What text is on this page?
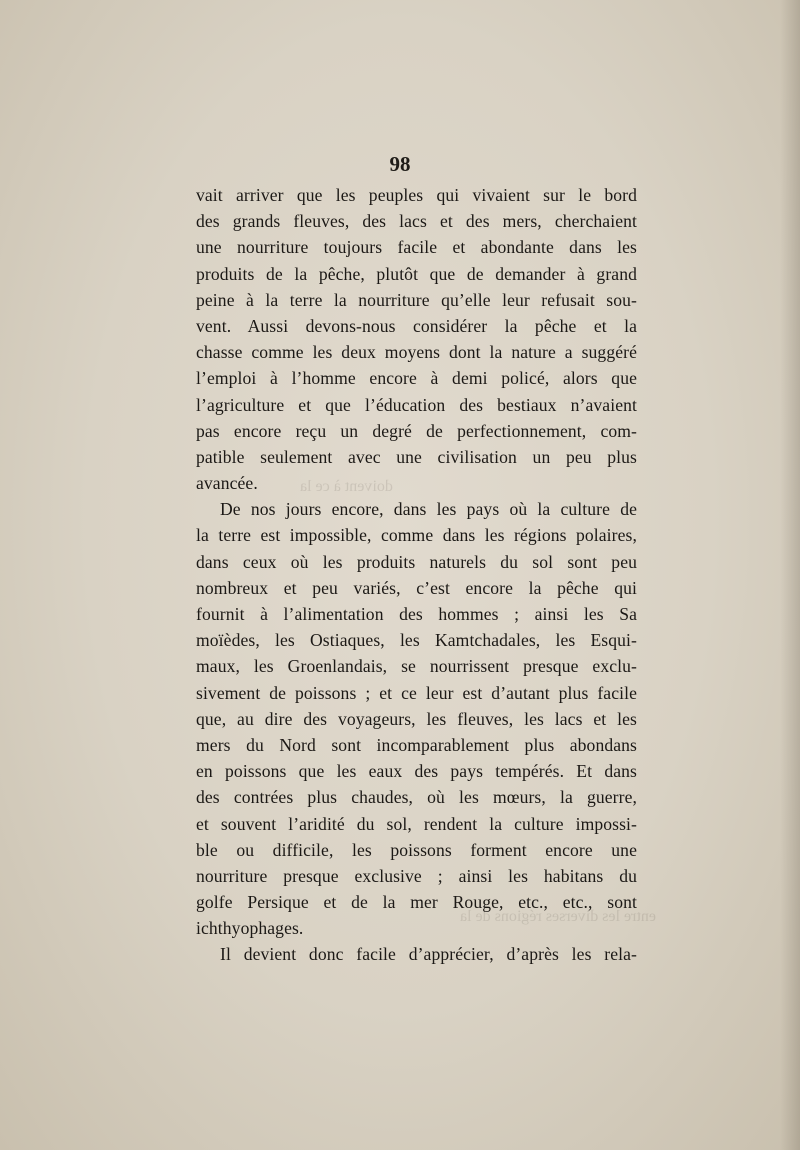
doivent à ce la
entre les diverses régions de la
98
vait arriver que les peuples qui vivaient sur le bord
des grands fleuves, des lacs et des mers, cherchaient
une nourriture toujours facile et abondante dans les
produits de la pêche, plutôt que de demander à grand
peine à la terre la nourriture qu’elle leur refusait sou-
vent. Aussi devons-nous considérer la pêche et la
chasse comme les deux moyens dont la nature a suggéré
l’emploi à l’homme encore à demi policé, alors que
l’agriculture et que l’éducation des bestiaux n’avaient
pas encore reçu un degré de perfectionnement, com-
patible seulement avec une civilisation un peu plus
avancée.
De nos jours encore, dans les pays où la culture de
la terre est impossible, comme dans les régions polaires,
dans ceux où les produits naturels du sol sont peu
nombreux et peu variés, c’est encore la pêche qui
fournit à l’alimentation des hommes ; ainsi les Sa
moïèdes, les Ostiaques, les Kamtchadales, les Esqui-
maux, les Groenlandais, se nourrissent presque exclu-
sivement de poissons ; et ce leur est d’autant plus facile
que, au dire des voyageurs, les fleuves, les lacs et les
mers du Nord sont incomparablement plus abondans
en poissons que les eaux des pays tempérés. Et dans
des contrées plus chaudes, où les mœurs, la guerre,
et souvent l’aridité du sol, rendent la culture impossi-
ble ou difficile, les poissons forment encore une
nourriture presque exclusive ; ainsi les habitans du
golfe Persique et de la mer Rouge, etc., etc., sont
ichthyophages.
Il devient donc facile d’apprécier, d’après les rela-
